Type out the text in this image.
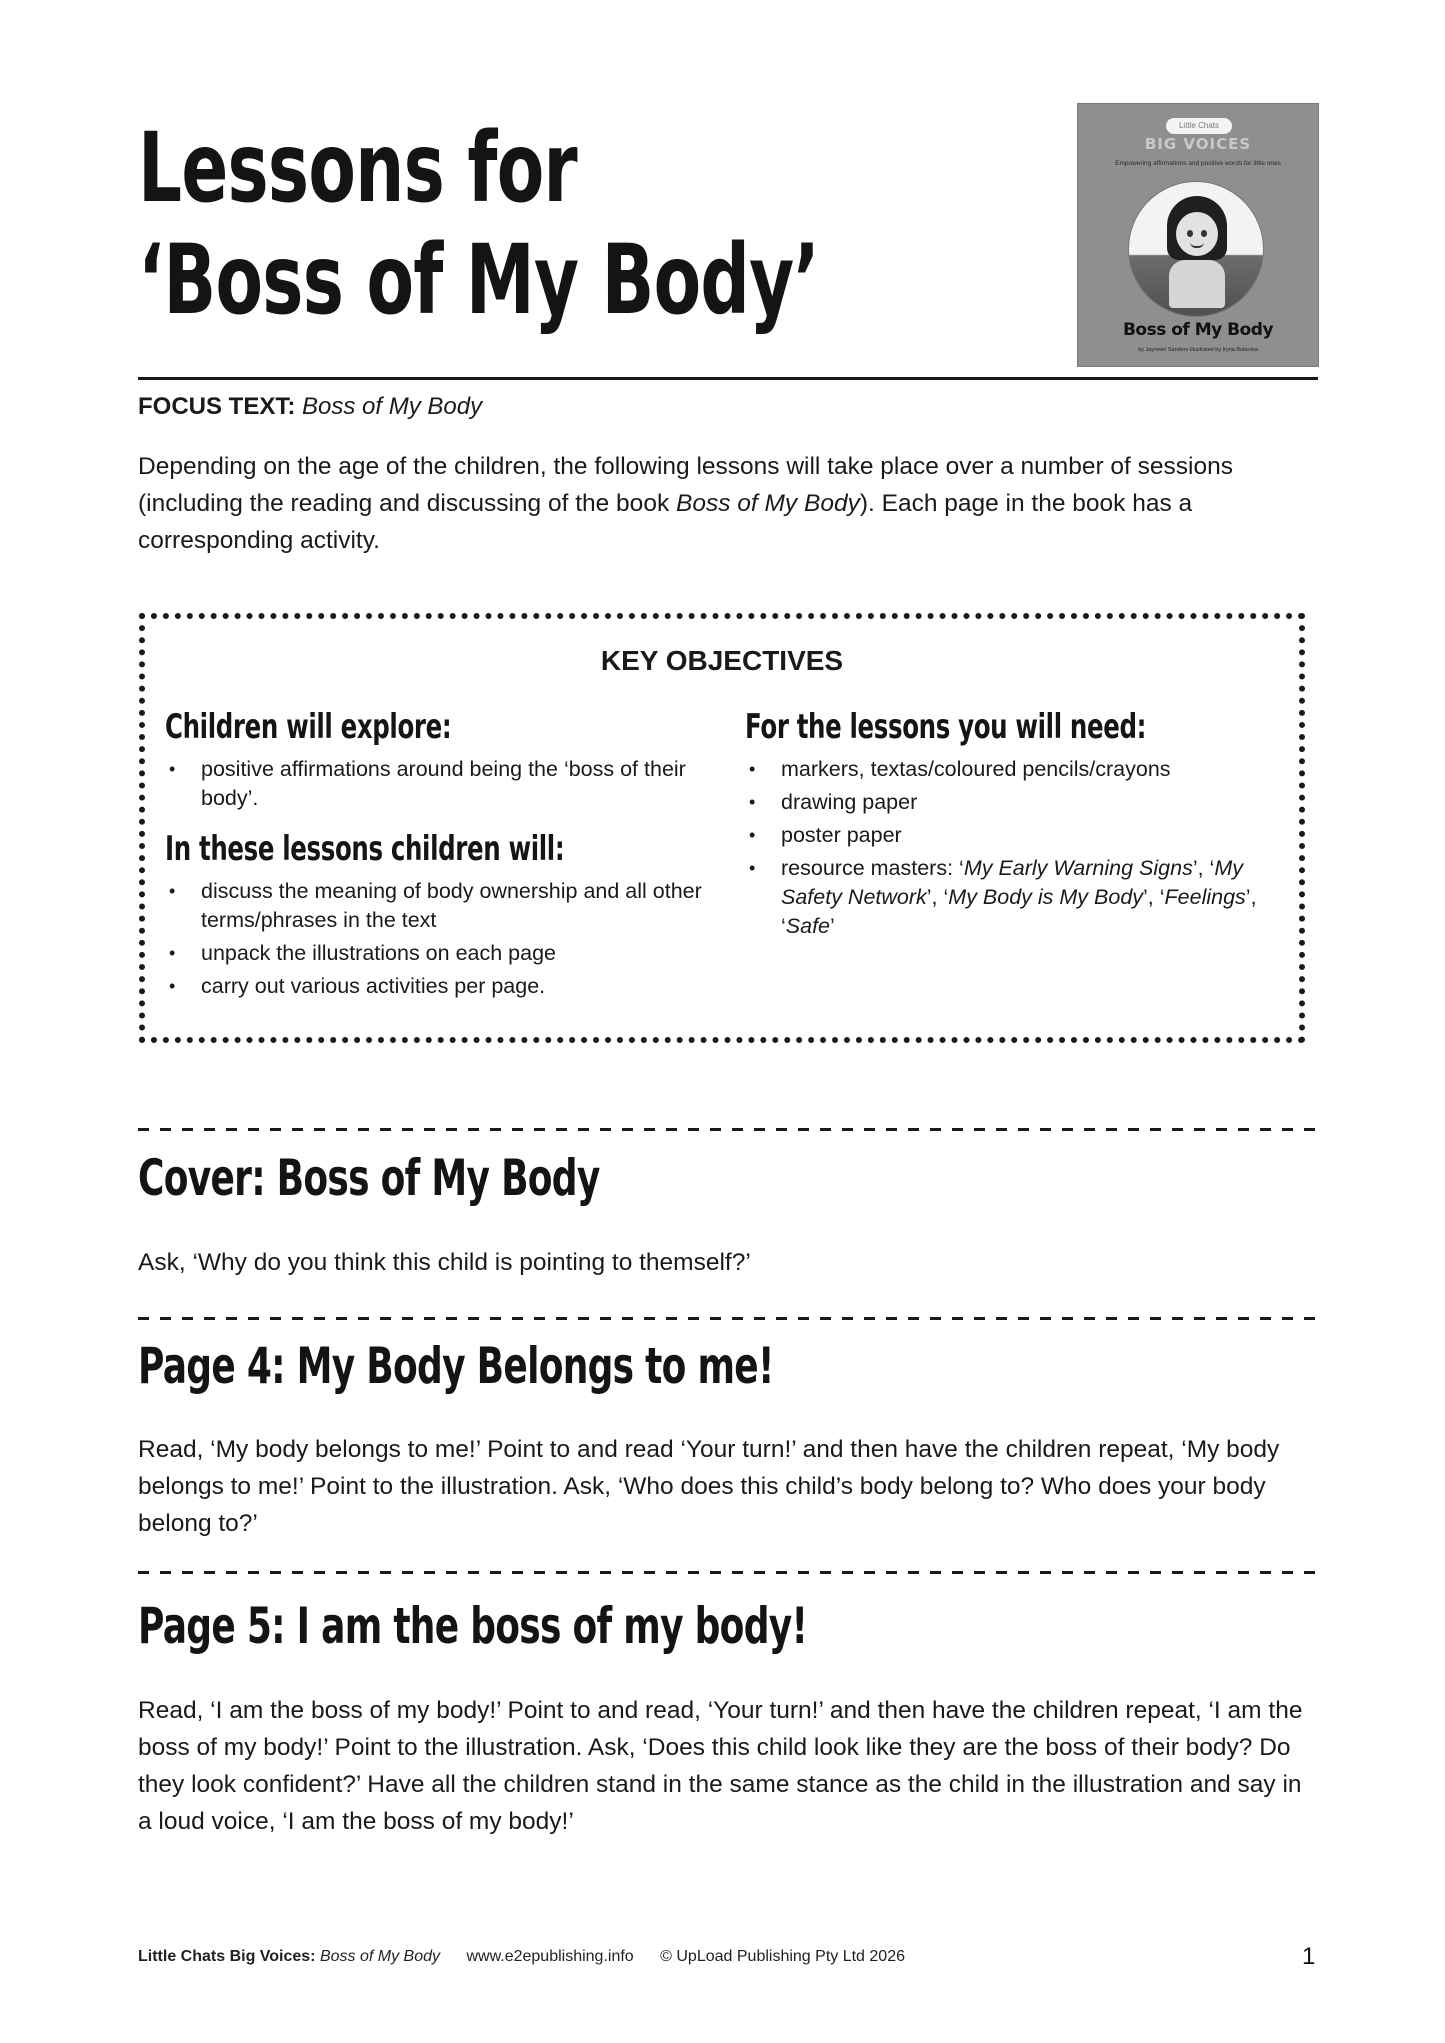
Lessons for
‘Boss of My Body’
Little Chats
BIG VOICES
Empowering affirmations and positive words for little ones
Boss of My Body
by Jayneen Sanders Illustrated by Iryna Bolarska

FOCUS TEXT: Boss of My Body

Depending on the age of the children, the following lessons will take place over a number of sessions (including the reading and discussing of the book Boss of My Body). Each page in the book has a corresponding activity.

KEY OBJECTIVES
Children will explore:
• positive affirmations around being the ‘boss of their body’.
In these lessons children will:
• discuss the meaning of body ownership and all other terms/phrases in the text
• unpack the illustrations on each page
• carry out various activities per page.
For the lessons you will need:
• markers, textas/coloured pencils/crayons
• drawing paper
• poster paper
• resource masters: ‘My Early Warning Signs’, ‘My Safety Network’, ‘My Body is My Body’, ‘Feelings’, ‘Safe’
Cover: Boss of My Body

Ask, ‘Why do you think this child is pointing to themself?’

Page 4: My Body Belongs to me!

Read, ‘My body belongs to me!’ Point to and read ‘Your turn!’ and then have the children repeat, ‘My body belongs to me!’ Point to the illustration. Ask, ‘Who does this child’s body belong to? Who does your body belong to?’

Page 5: I am the boss of my body!

Read, ‘I am the boss of my body!’ Point to and read, ‘Your turn!’ and then have the children repeat, ‘I am the boss of my body!’ Point to the illustration. Ask, ‘Does this child look like they are the boss of their body? Do they look confident?’ Have all the children stand in the same stance as the child in the illustration and say in a loud voice, ‘I am the boss of my body!’

Little Chats Big Voices: Boss of My Body www.e2epublishing.info © UpLoad Publishing Pty Ltd 2026	1
